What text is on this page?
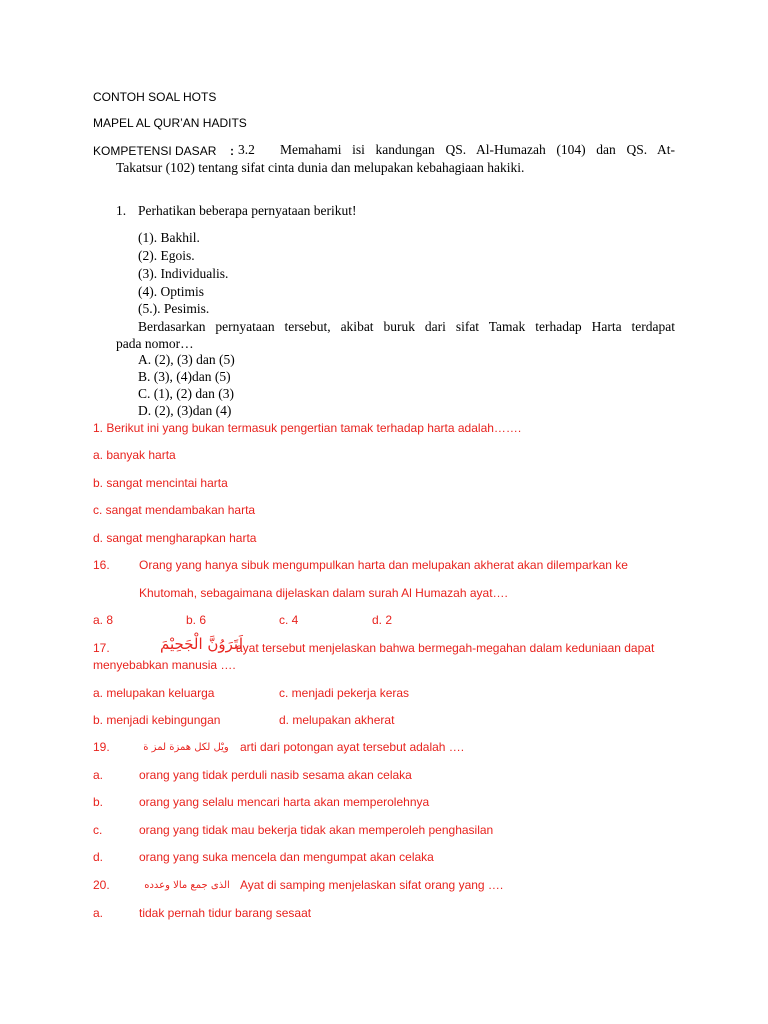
CONTOH SOAL HOTS
MAPEL AL QUR’AN HADITS
KOMPETENSI DASAR : 3.2 Memahami isi kandungan QS. Al-Humazah (104) dan QS. At-
Takatsur (102) tentang sifat cinta dunia dan melupakan kebahagiaan hakiki.
1. Perhatikan beberapa pernyataan berikut!
(1). Bakhil.
(2). Egois.
(3). Individualis.
(4). Optimis
(5.). Pesimis.
Berdasarkan pernyataan tersebut, akibat buruk dari sifat Tamak terhadap Harta terdapat
pada nomor…
A. (2), (3) dan (5)
B. (3), (4)dan (5)
C. (1), (2) dan (3)
D. (2), (3)dan (4)
1. Berikut ini yang bukan termasuk pengertian tamak terhadap harta adalah…….
a. banyak harta
b. sangat mencintai harta
c. sangat mendambakan harta
d. sangat mengharapkan harta
16. Orang yang hanya sibuk mengumpulkan harta dan melupakan akherat akan dilemparkan ke
Khutomah, sebagaimana dijelaskan dalam surah Al Humazah ayat….
a. 8	b. 6	c. 4	d. 2
17.	لَتَرَوُنَّ الْجَحِيْمَ
ayat tersebut menjelaskan bahwa bermegah-megahan dalam keduniaan dapat
menyebabkan manusia ….
a. melupakan keluarga	c. menjadi pekerja keras
b. menjadi kebingungan	d. melupakan akherat
19.	ويْل لكل همزة لمز ة arti dari potongan ayat tersebut adalah ….
a.	orang yang tidak perduli nasib sesama akan celaka
b.	orang yang selalu mencari harta akan memperolehnya
c.	orang yang tidak mau bekerja tidak akan memperoleh penghasilan
d.	orang yang suka mencela dan mengumpat akan celaka
20.	الذى جمع مالا وعدده Ayat di samping menjelaskan sifat orang yang ….
a.	tidak pernah tidur barang sesaat
